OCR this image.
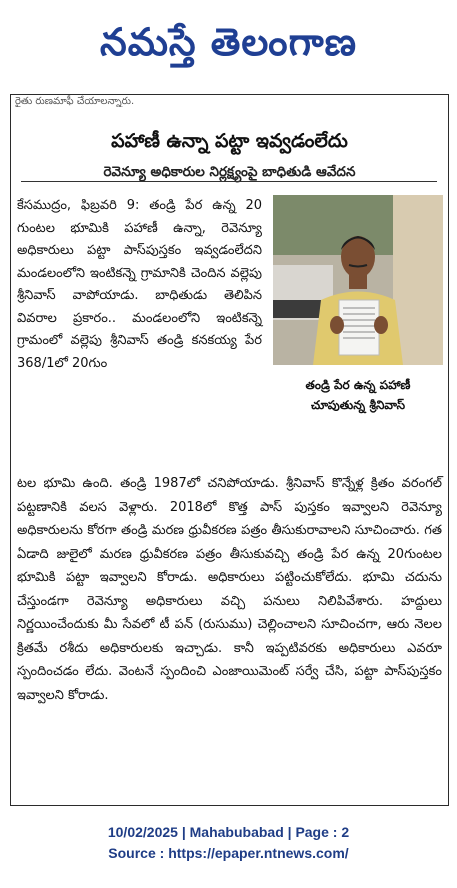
నమస్తే తెలంగాణ
రైతు రుణమాఫీ చేయాలన్నారు.
పహాణీ ఉన్నా పట్టా ఇవ్వడంలేదు
రెవెన్యూ అధికారుల నిర్లక్ష్యంపై బాధితుడి ఆవేదన

కేసముద్రం, ఫిబ్రవరి 9: తండ్రి పేర ఉన్న 20 గుంటల భూమికి పహాణీ ఉన్నా, రెవెన్యూ అధికారులు పట్టా పాస్‌పుస్తకం ఇవ్వడంలేదని మండలంలోని ఇంటికన్నె గ్రామానికి చెందిన వల్లెపు శ్రీనివాస్ వాపోయాడు. బాధితుడు తెలిపిన వివరాల ప్రకారం.. మండలంలోని ఇంటికన్నె గ్రామంలో వల్లెపు శ్రీనివాస్ తండ్రి కనకయ్య పేర 368/1లో 20గుం

తండ్రి పేర ఉన్న పహాణీ
చూపుతున్న శ్రీనివాస్

టల భూమి ఉంది. తండ్రి 1987లో చనిపోయాడు. శ్రీనివాస్ కొన్నేళ్ల క్రితం వరంగల్ పట్టణానికి వలస వెళ్లారు. 2018లో కొత్త పాస్ పుస్తకం ఇవ్వాలని రెవెన్యూ అధికారులను కోరగా తండ్రి మరణ ధ్రువీకరణ పత్రం తీసుకురావాలని సూచించారు. గత ఏడాది జులైలో మరణ ధ్రువీకరణ పత్రం తీసుకువచ్చి తండ్రి పేర ఉన్న 20గుంటల భూమికి పట్టా ఇవ్వాలని కోరాడు. అధికారులు పట్టించుకోలేదు. భూమి చదును చేస్తుండగా రెవెన్యూ అధికారులు వచ్చి పనులు నిలిపివేశారు. హద్దులు నిర్ణయించేందుకు మీ సేవలో టీ పన్ (రుసుము) చెల్లించాలని సూచించగా, ఆరు నెలల క్రితమే రశీదు అధికారులకు ఇచ్చాడు. కానీ ఇప్పటివరకు అధికారులు ఎవరూ స్పందించడం లేదు. వెంటనే స్పందించి ఎంజాయిమెంట్ సర్వే చేసి, పట్టా పాస్‌పుస్తకం ఇవ్వాలని కోరాడు.

10/02/2025 | Mahabubabad | Page : 2
Source : https://epaper.ntnews.com/
